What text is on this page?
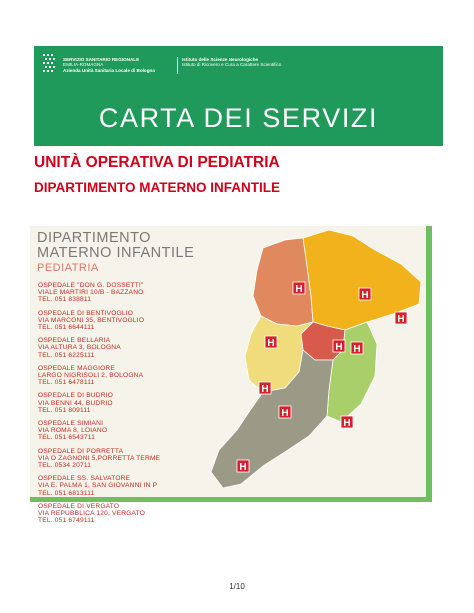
SERVIZIO SANITARIO REGIONALE
EMILIA-ROMAGNA
Azienda Unità Sanitaria Locale di Bologna
Istituto delle Scienze Neurologiche
Istituto di Ricovero e Cura a Carattere Scientifico
CARTA DEI SERVIZI
UNITÀ OPERATIVA DI PEDIATRIA
DIPARTIMENTO MATERNO INFANTILE
DIPARTIMENTO
MATERNO INFANTILE
PEDIATRIA
OSPEDALE "DON G. DOSSETTI"
VIALE MARTIRI 10/B - BAZZANO
TEL. 051 838811
OSPEDALE DI BENTIVOGLIO
VIA MARCONI 35, BENTIVOGLIO
TEL. 051 6644111
OSPEDALE BELLARIA
VIA ALTURA 3, BOLOGNA
TEL. 051 6225111
OSPEDALE MAGGIORE
LARGO NIGRISOLI 2, BOLOGNA
TEL. 051 6478111
OSPEDALE DI BUDRIO
VIA BENNI 44, BUDRIO
TEL. 051 809111
OSPEDALE SIMIANI
VIA ROMA 8, LOIANO
TEL. 051 6543711
OSPEDALE DI PORRETTA
VIA O ZAGNONI 5,PORRETTA TERME
TEL. 0534 20711
OSPEDALE SS. SALVATORE
VIA E. PALMA 1, SAN GIOVANNI IN P
TEL. 051 6813111
OSPEDALE DI VERGATO
VIA REPUBBLICA 120, VERGATO
TEL. 051 6749111
H
H
H
H	H H
H
H
H
H
1/10
